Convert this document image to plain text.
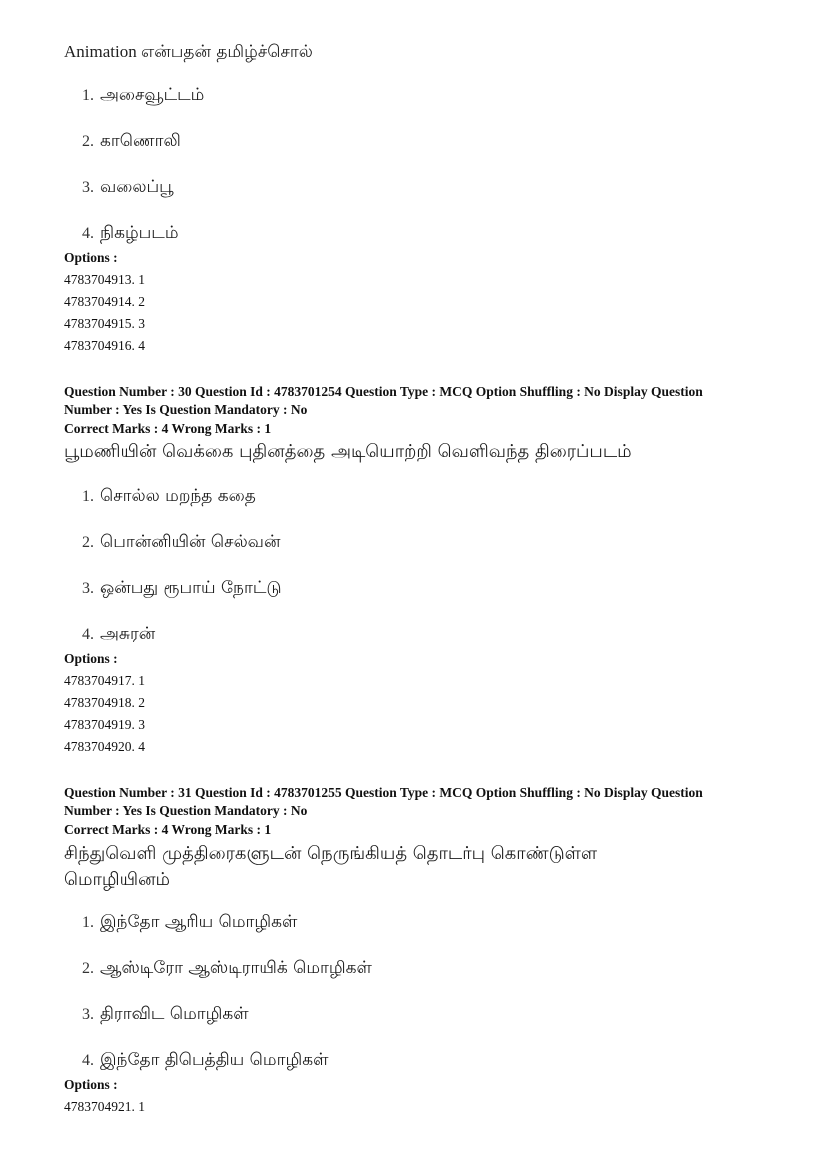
Animation என்பதன் தமிழ்ச்சொல்
1. அசைவூட்டம்
2. காணொலி
3. வலைப்பூ
4. நிகழ்படம்
Options :
4783704913. 1
4783704914. 2
4783704915. 3
4783704916. 4
Question Number : 30 Question Id : 4783701254 Question Type : MCQ Option Shuffling : No Display Question
Number : Yes Is Question Mandatory : No
Correct Marks : 4 Wrong Marks : 1
பூமணியின் வெக்கை புதினத்தை அடியொற்றி வெளிவந்த திரைப்படம்
1. சொல்ல மறந்த கதை
2. பொன்னியின் செல்வன்
3. ஒன்பது ரூபாய் நோட்டு
4. அசுரன்
Options :
4783704917. 1
4783704918. 2
4783704919. 3
4783704920. 4
Question Number : 31 Question Id : 4783701255 Question Type : MCQ Option Shuffling : No Display Question
Number : Yes Is Question Mandatory : No
Correct Marks : 4 Wrong Marks : 1
சிந்துவெளி முத்திரைகளுடன் நெருங்கியத் தொடர்பு கொண்டுள்ள
மொழியினம்
1. இந்தோ ஆரிய மொழிகள்
2. ஆஸ்டிரோ ஆஸ்டிராயிக் மொழிகள்
3. திராவிட மொழிகள்
4. இந்தோ திபெத்திய மொழிகள்
Options :
4783704921. 1
